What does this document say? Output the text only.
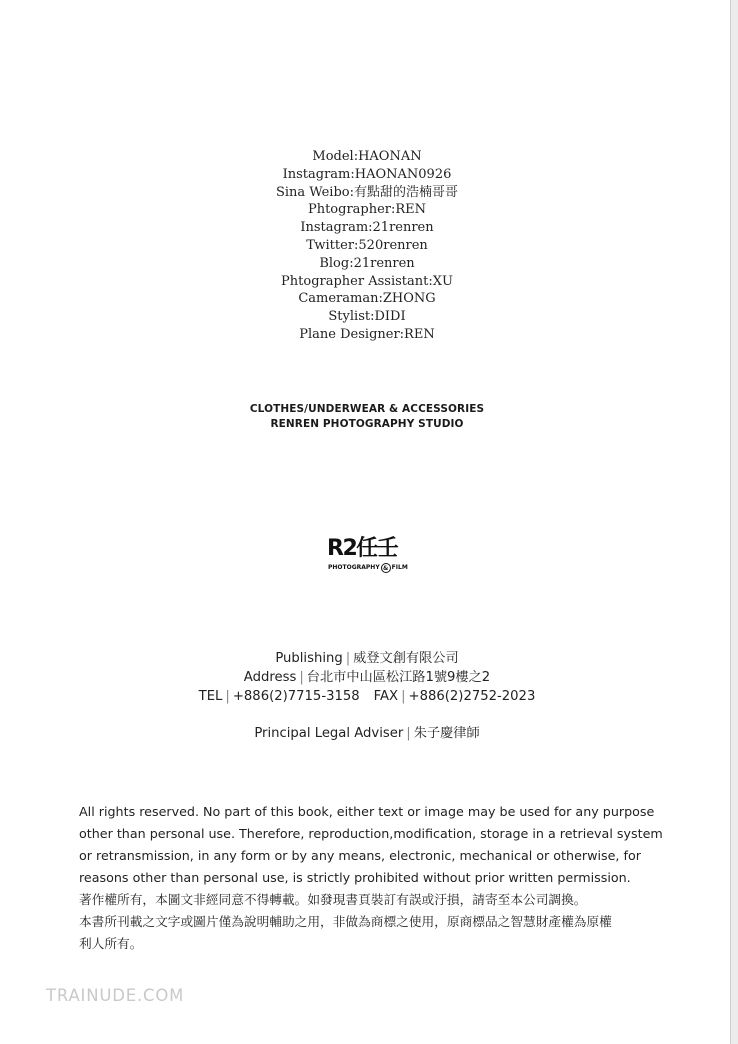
Model:HAONAN
Instagram:HAONAN0926
Sina Weibo:有點甜的浩楠哥哥
Phtographer:REN
Instagram:21renren
Twitter:520renren
Blog:21renren
Phtographer Assistant:XU
Cameraman:ZHONG
Stylist:DIDI
Plane Designer:REN
CLOTHES/UNDERWEAR & ACCESSORIES
RENREN PHOTOGRAPHY STUDIO
R2任壬
PHOTOGRAPHY & FILM
Publishing | 威登文創有限公司
Address | 台北市中山區松江路1號9樓之2
TEL | +886(2)7715-3158 FAX | +886(2)2752-2023
Principal Legal Adviser | 朱子慶律師
All rights reserved. No part of this book, either text or image may be used for any purpose
other than personal use. Therefore, reproduction,modification, storage in a retrieval system
or retransmission, in any form or by any means, electronic, mechanical or otherwise, for
reasons other than personal use, is strictly prohibited without prior written permission.
著作權所有，本圖文非經同意不得轉載。如發現書頁裝訂有誤或汙損，請寄至本公司調換。
本書所刊載之文字或圖片僅為說明輔助之用，非做為商標之使用，原商標品之智慧財產權為原權
利人所有。
TRAINUDE.COM
